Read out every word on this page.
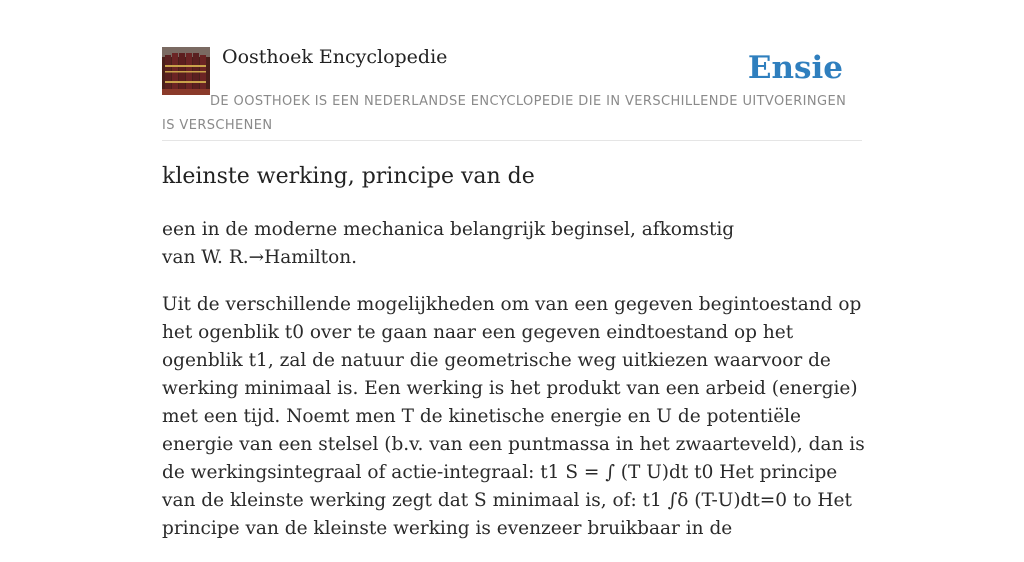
Oosthoek Encyclopedie	Ensie
DE OOSTHOEK IS EEN NEDERLANDSE ENCYCLOPEDIE DIE IN VERSCHILLENDE UITVOERINGEN IS VERSCHENEN
kleinste werking, principe van de

een in de moderne mechanica belangrijk beginsel, afkomstig van W. R.→Hamilton.

Uit de verschillende mogelijkheden om van een gegeven begintoestand op het ogenblik t0 over te gaan naar een gegeven eindtoestand op het ogenblik t1, zal de natuur die geometrische weg uitkiezen waarvoor de werking minimaal is. Een werking is het produkt van een arbeid (energie) met een tijd. Noemt men T de kinetische energie en U de potentiële energie van een stelsel (b.v. van een puntmassa in het zwaarteveld), dan is de werkingsintegraal of actie-integraal: t1 S = ∫ (T U)dt t0 Het principe van de kleinste werking zegt dat S minimaal is, of: t1 ∫δ (T-U)dt=0 to Het principe van de kleinste werking is evenzeer bruikbaar in de
